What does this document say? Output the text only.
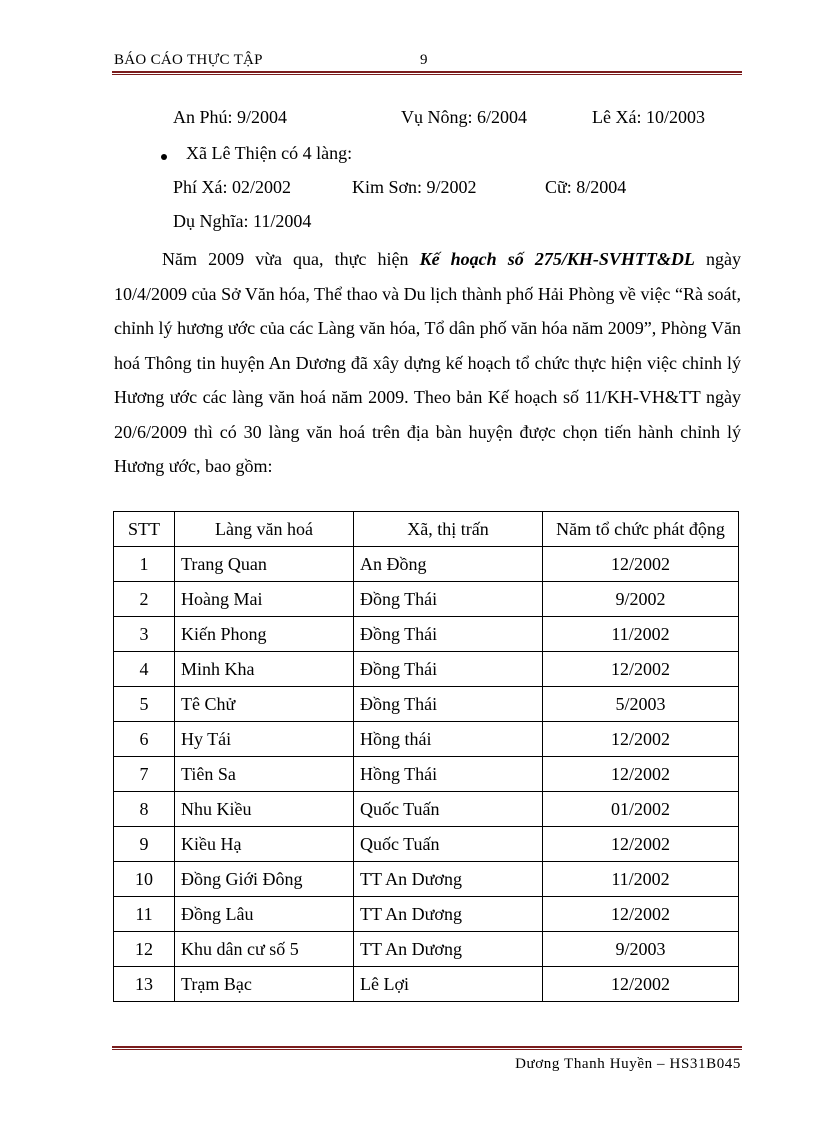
BÁO CÁO THỰC TẬP	9
An Phú: 9/2004	Vụ Nông: 6/2004	Lê Xá: 10/2003
Xã Lê Thiện có 4 làng:
Phí Xá: 02/2002	Kim Sơn: 9/2002	Cữ: 8/2004
Dụ Nghĩa: 11/2004
Năm 2009 vừa qua, thực hiện Kế hoạch số 275/KH-SVHTT&DL ngày 10/4/2009 của Sở Văn hóa, Thể thao và Du lịch thành phố Hải Phòng về việc “Rà soát, chỉnh lý hương ước của các Làng văn hóa, Tổ dân phố văn hóa năm 2009”, Phòng Văn hoá Thông tin huyện An Dương đã xây dựng kế hoạch tổ chức thực hiện việc chỉnh lý Hương ước các làng văn hoá năm 2009. Theo bản Kế hoạch số 11/KH-VH&TT ngày 20/6/2009 thì có 30 làng văn hoá trên địa bàn huyện được chọn tiến hành chỉnh lý Hương ước, bao gồm:
STT	Làng văn hoá	Xã, thị trấn	Năm tổ chức phát động
1	Trang Quan	An Đồng	12/2002
2	Hoàng Mai	Đồng Thái	9/2002
3	Kiến Phong	Đồng Thái	11/2002
4	Minh Kha	Đồng Thái	12/2002
5	Tê Chử	Đồng Thái	5/2003
6	Hy Tái	Hồng thái	12/2002
7	Tiên Sa	Hồng Thái	12/2002
8	Nhu Kiều	Quốc Tuấn	01/2002
9	Kiều Hạ	Quốc Tuấn	12/2002
10	Đồng Giới Đông	TT An Dương	11/2002
11	Đồng Lâu	TT An Dương	12/2002
12	Khu dân cư số 5	TT An Dương	9/2003
13	Trạm Bạc	Lê Lợi	12/2002
Dương Thanh Huyền – HS31B045
